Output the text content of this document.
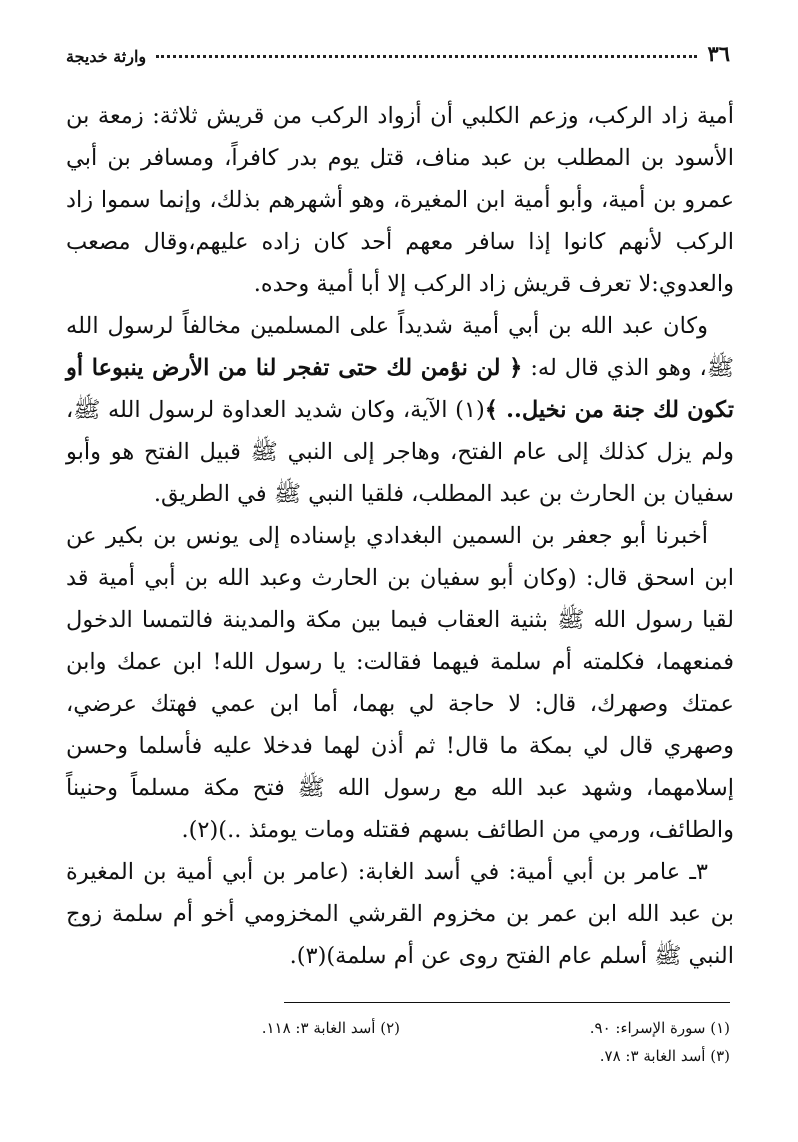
٣٦
وارثة خديجة

أمية زاد الركب، وزعم الكلبي أن أزواد الركب من قريش ثلاثة: زمعة بن الأسود بن المطلب بن عبد مناف، قتل يوم بدر كافراً، ومسافر بن أبي عمرو بن أمية، وأبو أمية ابن المغيرة، وهو أشهرهم بذلك، وإنما سموا زاد الركب لأنهم كانوا إذا سافر معهم أحد كان زاده عليهم،وقال مصعب والعدوي:لا تعرف قريش زاد الركب إلا أبا أمية وحده.

وكان عبد الله بن أبي أمية شديداً على المسلمين مخالفاً لرسول الله ﷺ، وهو الذي قال له: ﴿ لن نؤمن لك حتى تفجر لنا من الأرض ينبوعا أو تكون لك جنة من نخيل.. ﴾(١) الآية، وكان شديد العداوة لرسول الله ﷺ، ولم يزل كذلك إلى عام الفتح، وهاجر إلى النبي ﷺ قبيل الفتح هو وأبو سفيان بن الحارث بن عبد المطلب، فلقيا النبي ﷺ في الطريق.

أخبرنا أبو جعفر بن السمين البغدادي بإسناده إلى يونس بن بكير عن ابن اسحق قال: (وكان أبو سفيان بن الحارث وعبد الله بن أبي أمية قد لقيا رسول الله ﷺ بثنية العقاب فيما بين مكة والمدينة فالتمسا الدخول فمنعهما، فكلمته أم سلمة فيهما فقالت: يا رسول الله! ابن عمك وابن عمتك وصهرك، قال: لا حاجة لي بهما، أما ابن عمي فهتك عرضي، وصهري قال لي بمكة ما قال! ثم أذن لهما فدخلا عليه فأسلما وحسن إسلامهما، وشهد عبد الله مع رسول الله ﷺ فتح مكة مسلماً وحنيناً والطائف، ورمي من الطائف بسهم فقتله ومات يومئذ ..)(٢).

٣ـ عامر بن أبي أمية: في أسد الغابة: (عامر بن أبي أمية بن المغيرة بن عبد الله ابن عمر بن مخزوم القرشي المخزومي أخو أم سلمة زوج النبي ﷺ أسلم عام الفتح روى عن أم سلمة)(٣).

(١) سورة الإسراء: ٩٠.
(٢) أسد الغابة ٣: ١١٨.
(٣) أسد الغابة ٣: ٧٨.
